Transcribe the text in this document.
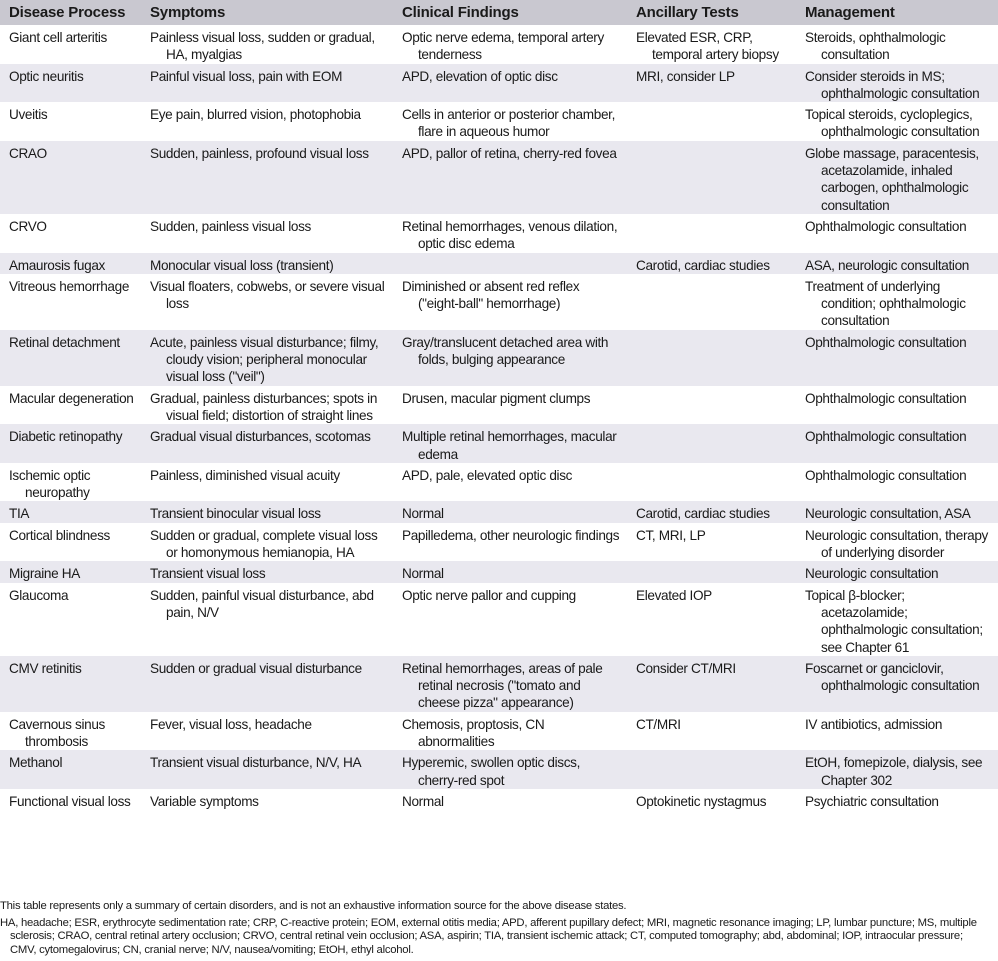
Disease Process	Symptoms	Clinical Findings	Ancillary Tests	Management

Giant cell arteritis	Painless visual loss, sudden or gradual, HA, myalgias	Optic nerve edema, temporal artery tenderness	Elevated ESR, CRP, temporal artery biopsy	Steroids, ophthalmologic consultation

Optic neuritis	Painful visual loss, pain with EOM	APD, elevation of optic disc	MRI, consider LP	Consider steroids in MS; ophthalmologic consultation

Uveitis	Eye pain, blurred vision, photophobia	Cells in anterior or posterior chamber, flare in aqueous humor		Topical steroids, cycloplegics, ophthalmologic consultation

CRAO	Sudden, painless, profound visual loss	APD, pallor of retina, cherry-red fovea		Globe massage, paracentesis, acetazolamide, inhaled carbogen, ophthalmologic consultation

CRVO	Sudden, painless visual loss	Retinal hemorrhages, venous dilation, optic disc edema		Ophthalmologic consultation

Amaurosis fugax	Monocular visual loss (transient)		Carotid, cardiac studies	ASA, neurologic consultation

Vitreous hemorrhage	Visual floaters, cobwebs, or severe visual loss	Diminished or absent red reflex ("eight-ball" hemorrhage)		Treatment of underlying condition; ophthalmologic consultation

Retinal detachment	Acute, painless visual disturbance; filmy, cloudy vision; peripheral monocular visual loss ("veil")	Gray/translucent detached area with folds, bulging appearance		Ophthalmologic consultation

Macular degeneration	Gradual, painless disturbances; spots in visual field; distortion of straight lines	Drusen, macular pigment clumps		Ophthalmologic consultation

Diabetic retinopathy	Gradual visual disturbances, scotomas	Multiple retinal hemorrhages, macular edema		Ophthalmologic consultation

Ischemic optic neuropathy	Painless, diminished visual acuity	APD, pale, elevated optic disc		Ophthalmologic consultation

TIA	Transient binocular visual loss	Normal	Carotid, cardiac studies	Neurologic consultation, ASA

Cortical blindness	Sudden or gradual, complete visual loss or homonymous hemianopia, HA	Papilledema, other neurologic findings	CT, MRI, LP	Neurologic consultation, therapy of underlying disorder

Migraine HA	Transient visual loss	Normal		Neurologic consultation

Glaucoma	Sudden, painful visual disturbance, abd pain, N/V	Optic nerve pallor and cupping	Elevated IOP	Topical β-blocker; acetazolamide; ophthalmologic consultation; see Chapter 61

CMV retinitis	Sudden or gradual visual disturbance	Retinal hemorrhages, areas of pale retinal necrosis ("tomato and cheese pizza" appearance)	Consider CT/MRI	Foscarnet or ganciclovir, ophthalmologic consultation

Cavernous sinus thrombosis	Fever, visual loss, headache	Chemosis, proptosis, CN abnormalities	CT/MRI	IV antibiotics, admission

Methanol	Transient visual disturbance, N/V, HA	Hyperemic, swollen optic discs, cherry-red spot		EtOH, fomepizole, dialysis, see Chapter 302

Functional visual loss	Variable symptoms	Normal	Optokinetic nystagmus	Psychiatric consultation

This table represents only a summary of certain disorders, and is not an exhaustive information source for the above disease states.

HA, headache; ESR, erythrocyte sedimentation rate; CRP, C-reactive protein; EOM, external otitis media; APD, afferent pupillary defect; MRI, magnetic resonance imaging; LP, lumbar puncture; MS, multiple sclerosis; CRAO, central retinal artery occlusion; CRVO, central retinal vein occlusion; ASA, aspirin; TIA, transient ischemic attack; CT, computed tomography; abd, abdominal; IOP, intraocular pressure; CMV, cytomegalovirus; CN, cranial nerve; N/V, nausea/vomiting; EtOH, ethyl alcohol.
